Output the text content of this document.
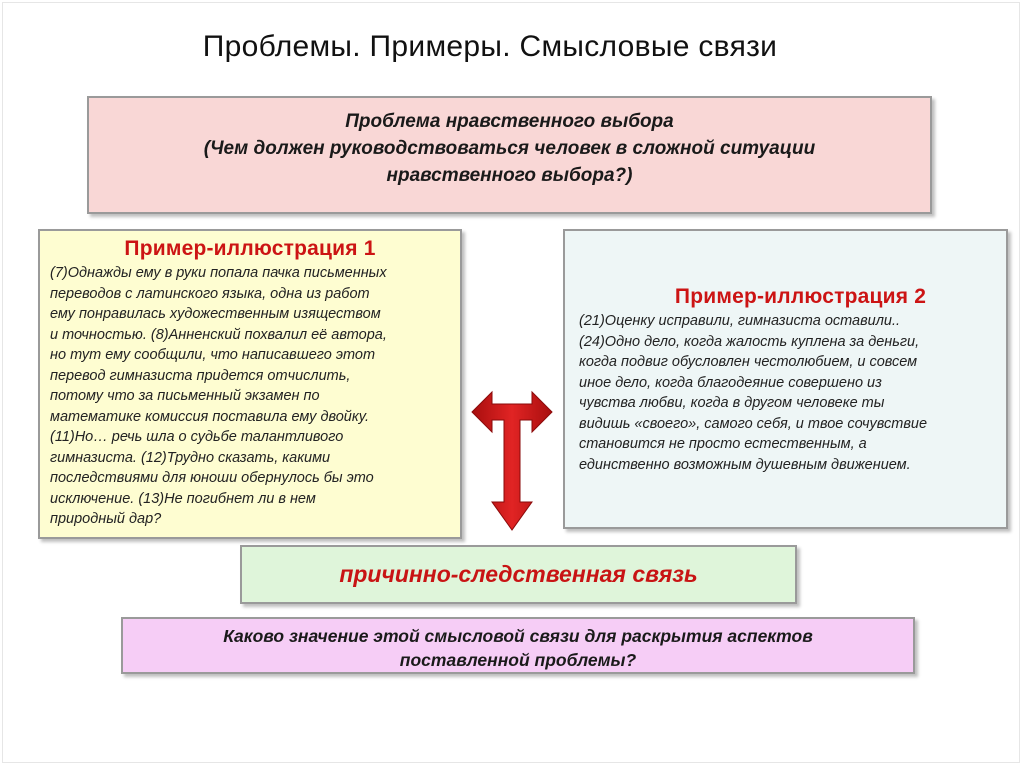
Проблемы. Примеры. Смысловые связи
Проблема нравственного выбора
(Чем должен руководствоваться человек в сложной ситуации
нравственного выбора?)
Пример-иллюстрация 1
(7)Однажды ему в руки попала пачка письменных
переводов с латинского языка, одна из работ
ему понравилась художественным изяществом
и точностью. (8)Анненский похвалил её автора,
но тут ему сообщили, что написавшего этот
перевод гимназиста придется отчислить,
потому что за письменный экзамен по
математике комиссия поставила ему двойку.
(11)Но… речь шла о судьбе талантливого
гимназиста. (12)Трудно сказать, какими
последствиями для юноши обернулось бы это
исключение. (13)Не погибнет ли в нем
природный дар?
Пример-иллюстрация 2
(21)Оценку исправили, гимназиста оставили..
(24)Одно дело, когда жалость куплена за деньги,
когда подвиг обусловлен честолюбием, и совсем
иное дело, когда благодеяние совершено из
чувства любви, когда в другом человеке ты
видишь «своего», самого себя, и твое сочувствие
становится не просто естественным, а
единственно возможным душевным движением.
причинно-следственная связь
Каково значение этой смысловой связи для раскрытия аспектов
поставленной проблемы?
